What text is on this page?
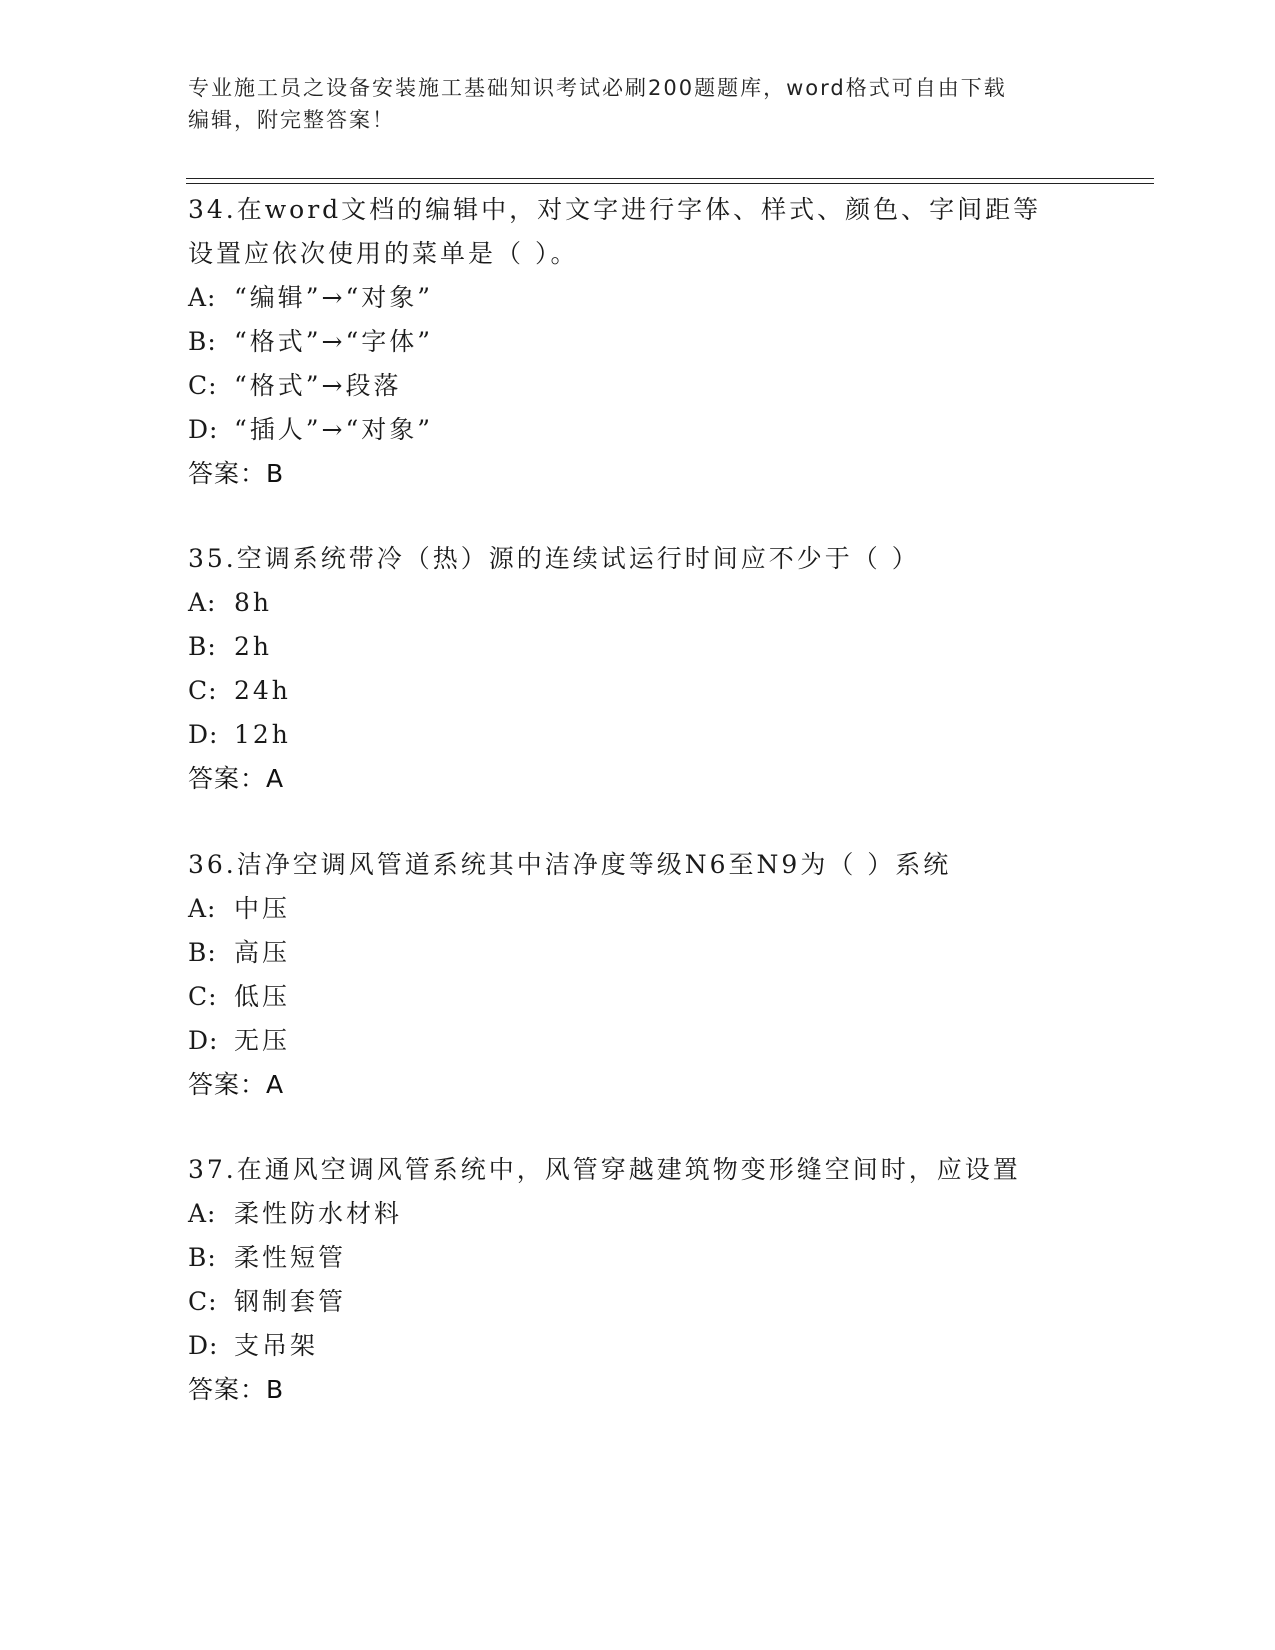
专业施工员之设备安装施工基础知识考试必刷200题题库，word格式可自由下载
编辑，附完整答案！

34.在word文档的编辑中，对文字进行字体、样式、颜色、字间距等

设置应依次使用的菜单是（ ）。

A: “编辑”→“对象”

B: “格式”→“字体”

C: “格式”→段落

D: “插人”→“对象”

答案：B

35.空调系统带冷（热）源的连续试运行时间应不少于（ ）

A: 8h

B: 2h

C: 24h

D: 12h

答案：A

36.洁净空调风管道系统其中洁净度等级N6至N9为（ ）系统

A: 中压

B: 高压

C: 低压

D: 无压

答案：A

37.在通风空调风管系统中，风管穿越建筑物变形缝空间时，应设置

A: 柔性防水材料

B: 柔性短管

C: 钢制套管

D: 支吊架

答案：B
